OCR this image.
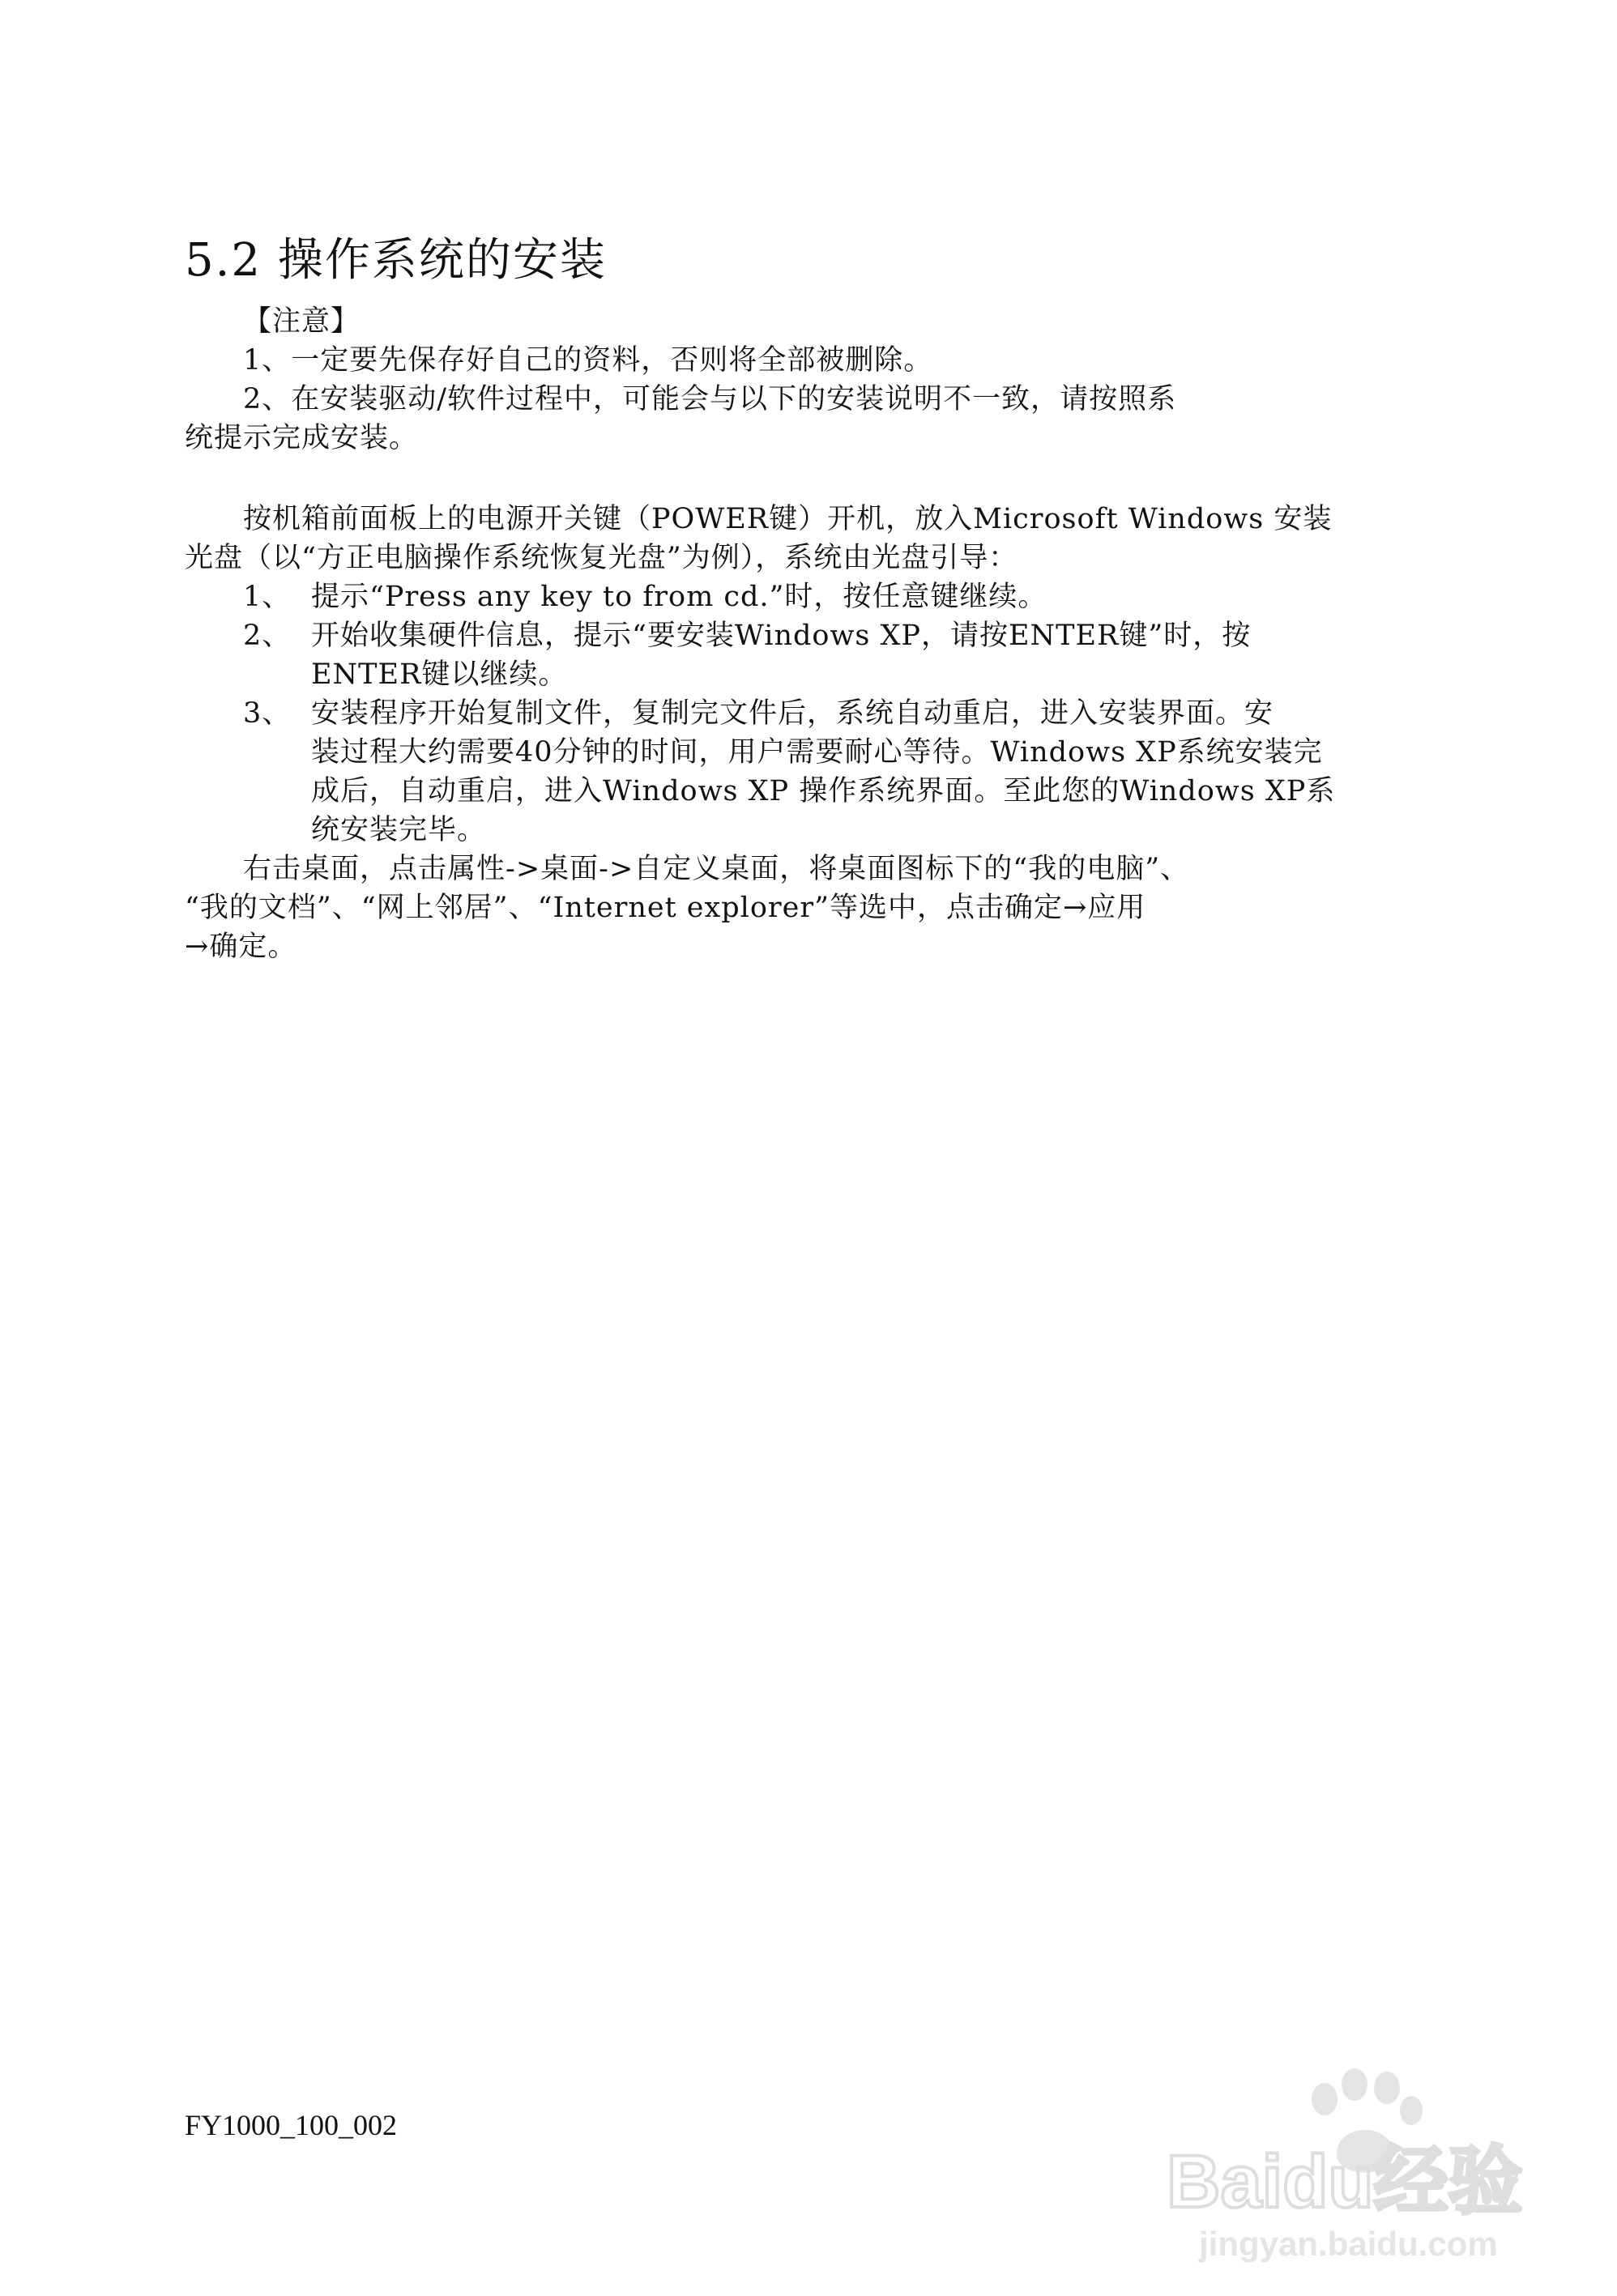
5.2 操作系统的安装

【注意】

1、一定要先保存好自己的资料，否则将全部被删除。

2、在安装驱动/软件过程中，可能会与以下的安装说明不一致，请按照系

统提示完成安装。

按机箱前面板上的电源开关键（POWER键）开机，放入Microsoft Windows 安装

光盘（以“方正电脑操作系统恢复光盘”为例），系统由光盘引导：

1、 提示“Press any key to from cd.”时，按任意键继续。

2、 开始收集硬件信息，提示“要安装Windows XP，请按ENTER键”时，按

ENTER键以继续。

3、 安装程序开始复制文件，复制完文件后，系统自动重启，进入安装界面。安

装过程大约需要40分钟的时间，用户需要耐心等待。Windows XP系统安装完

成后，自动重启，进入Windows XP 操作系统界面。至此您的Windows XP系

统安装完毕。

右击桌面，点击属性->桌面->自定义桌面，将桌面图标下的“我的电脑”、

“我的文档”、“网上邻居”、“Internet explorer”等选中，点击确定→应用

→确定。

FY1000_100_002
Baidu经验
jingyan.baidu.com
